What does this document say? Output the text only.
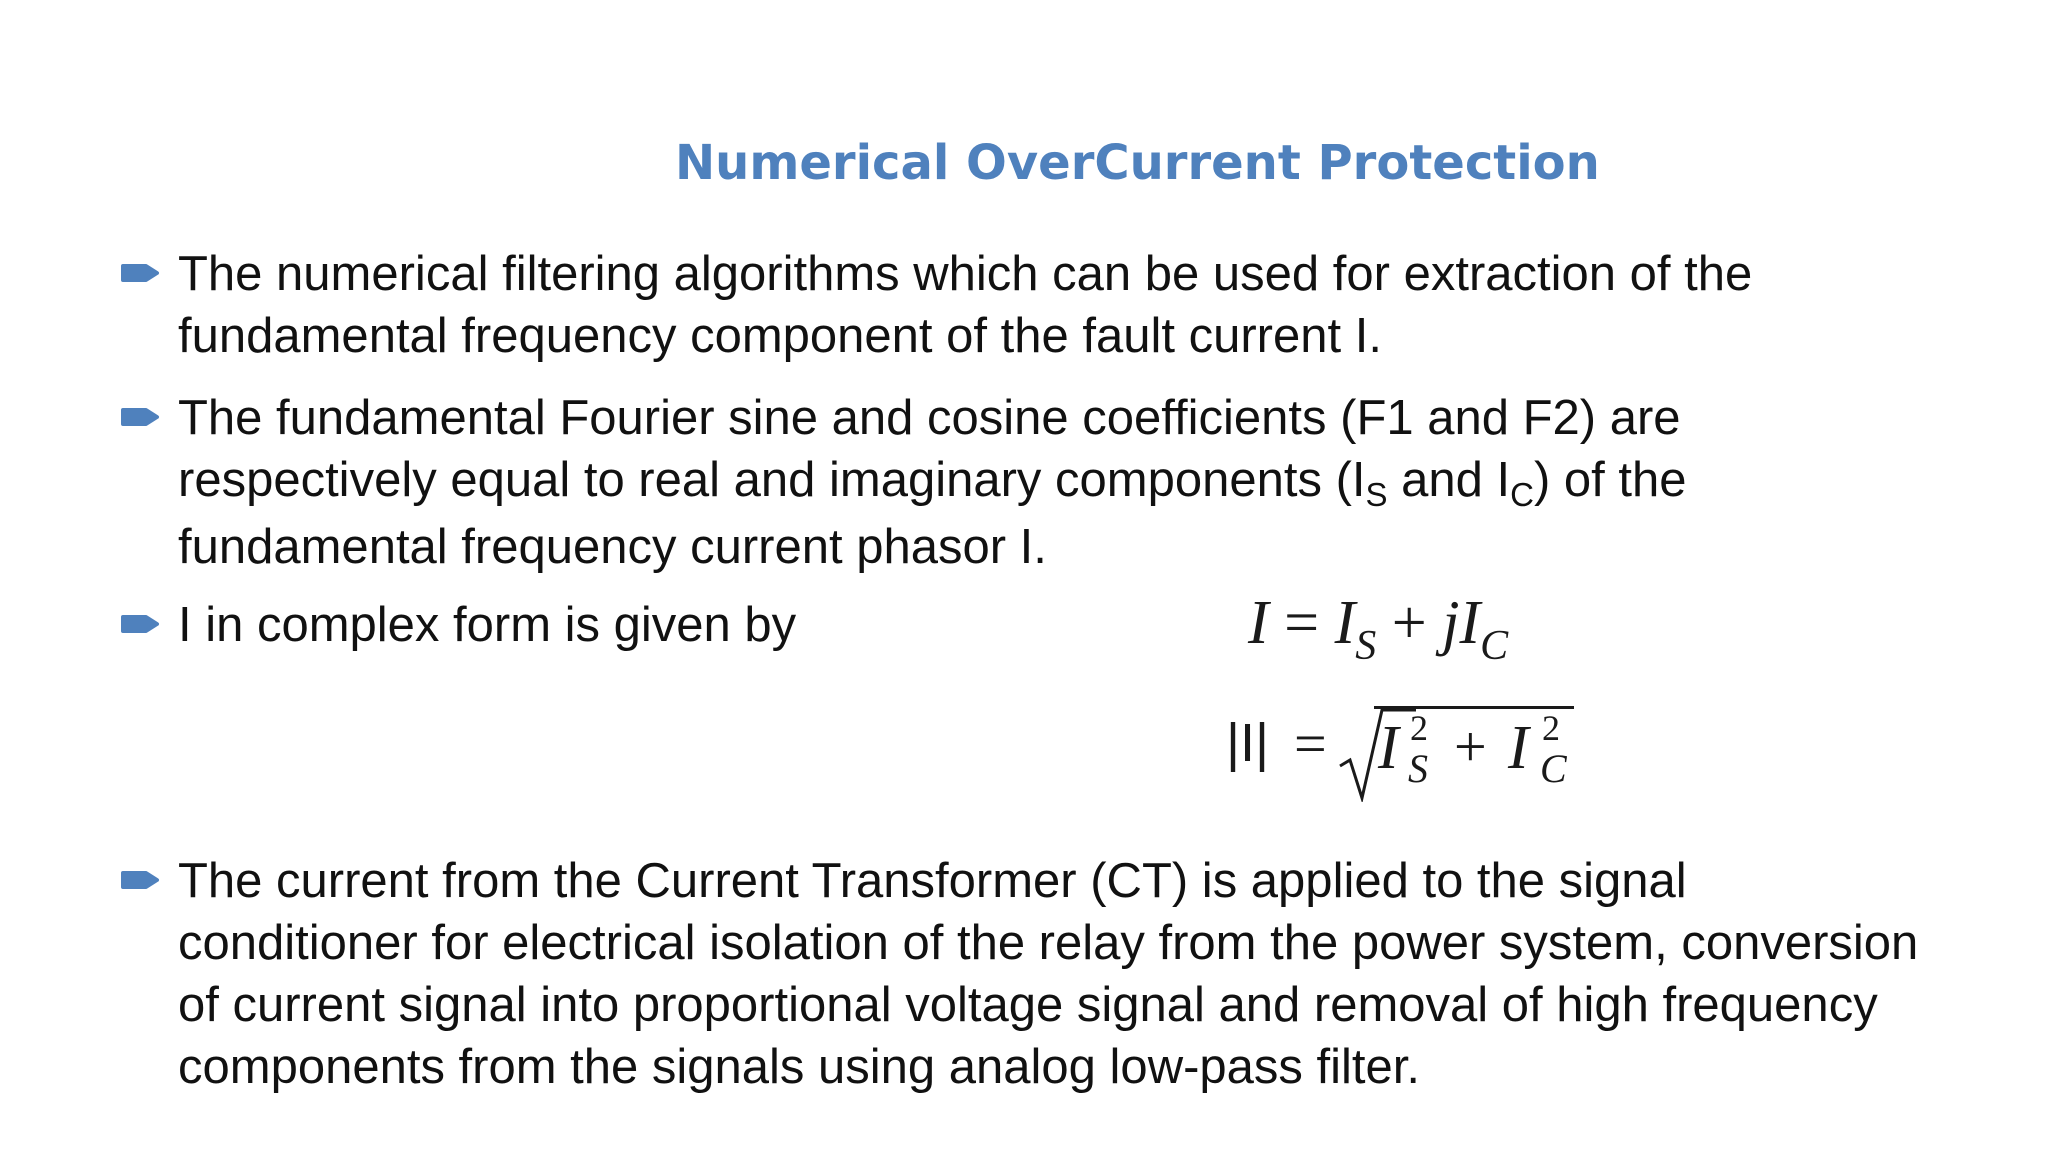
Numerical OverCurrent Protection
The numerical filtering algorithms which can be used for extraction of the
fundamental frequency component of the fault current I.
The fundamental Fourier sine and cosine coefficients (F1 and F2) are
respectively equal to real and imaginary components ($I_S$ and $I_C$) of the
fundamental frequency current phasor I.
I in complex form is given by	$I = I_S + jI_C$
|I| = I 2
S + I 2
C
The current from the Current Transformer (CT) is applied to the signal
conditioner for electrical isolation of the relay from the power system, conversion
of current signal into proportional voltage signal and removal of high frequency
components from the signals using analog low-pass filter.
